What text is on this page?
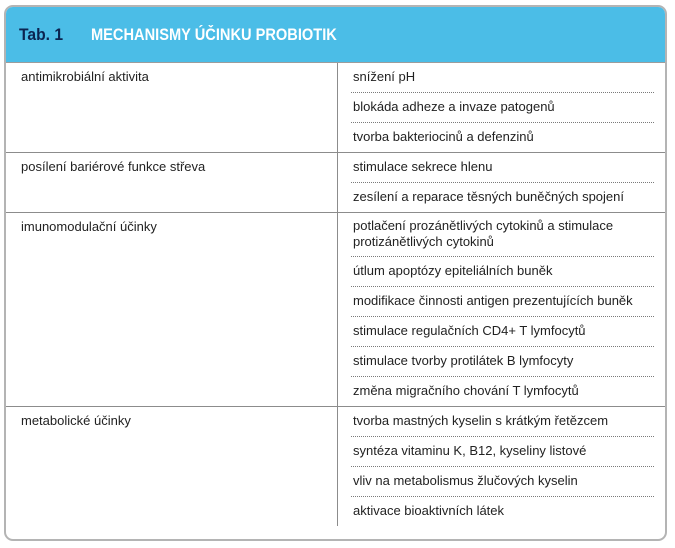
Tab. 1	MECHANISMY ÚČINKU PROBIOTIK
antimikrobiální aktivita	snížení pH
blokáda adheze a invaze patogenů
tvorba bakteriocinů a defenzinů
posílení bariérové funkce střeva	stimulace sekrece hlenu
zesílení a reparace těsných buněčných spojení
imunomodulační účinky	potlačení prozánětlivých cytokinů a stimulace protizánětlivých cytokinů
útlum apoptózy epiteliálních buněk
modifikace činnosti antigen prezentujících buněk
stimulace regulačních CD4+ T lymfocytů
stimulace tvorby protilátek B lymfocyty
změna migračního chování T lymfocytů
metabolické účinky	tvorba mastných kyselin s krátkým řetězcem
syntéza vitaminu K, B12, kyseliny listové
vliv na metabolismus žlučových kyselin
aktivace bioaktivních látek
